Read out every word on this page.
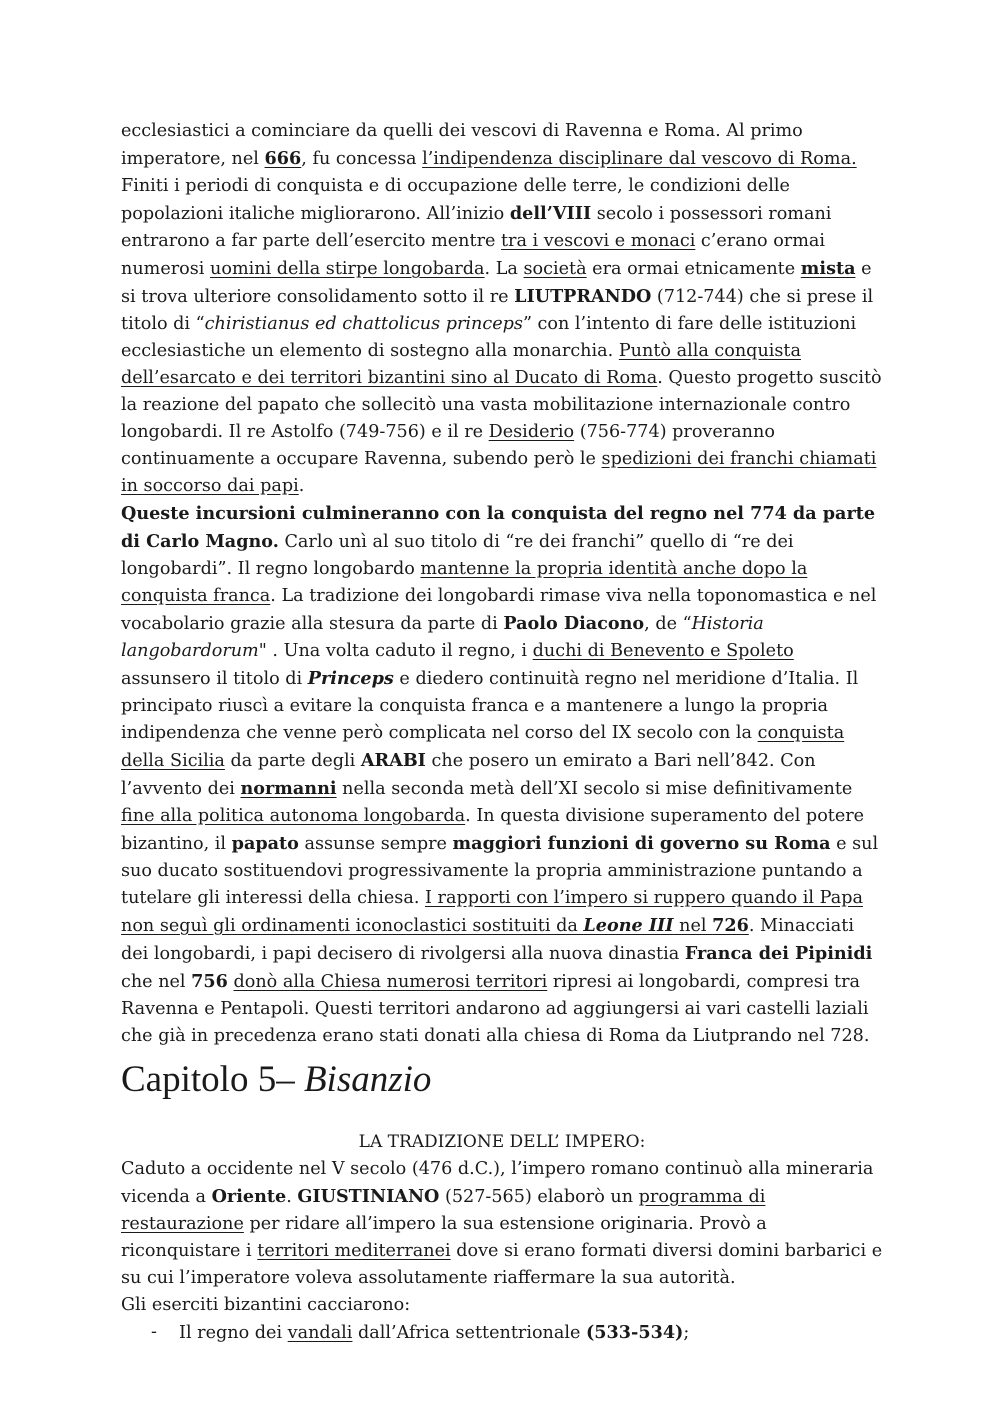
ecclesiastici a cominciare da quelli dei vescovi di Ravenna e Roma. Al primo imperatore, nel 666, fu concessa l’indipendenza disciplinare dal vescovo di Roma. Finiti i periodi di conquista e di occupazione delle terre, le condizioni delle popolazioni italiche migliorarono. All’inizio dell’VIII secolo i possessori romani entrarono a far parte dell’esercito mentre tra i vescovi e monaci c’erano ormai numerosi uomini della stirpe longobarda. La società era ormai etnicamente mista e si trova ulteriore consolidamento sotto il re LIUTPRANDO (712-744) che si prese il titolo di “chiristianus ed chattolicus princeps” con l’intento di fare delle istituzioni ecclesiastiche un elemento di sostegno alla monarchia. Puntò alla conquista dell’esarcato e dei territori bizantini sino al Ducato di Roma. Questo progetto suscitò la reazione del papato che sollecitò una vasta mobilitazione internazionale contro longobardi. Il re Astolfo (749-756) e il re Desiderio (756-774) proveranno continuamente a occupare Ravenna, subendo però le spedizioni dei franchi chiamati in soccorso dai papi.

Queste incursioni culmineranno con la conquista del regno nel 774 da parte di Carlo Magno. Carlo unì al suo titolo di “re dei franchi” quello di “re dei longobardi”. Il regno longobardo mantenne la propria identità anche dopo la conquista franca. La tradizione dei longobardi rimase viva nella toponomastica e nel vocabolario grazie alla stesura da parte di Paolo Diacono, de “Historia langobardorum" . Una volta caduto il regno, i duchi di Benevento e Spoleto assunsero il titolo di Princeps e diedero continuità regno nel meridione d’Italia. Il principato riuscì a evitare la conquista franca e a mantenere a lungo la propria indipendenza che venne però complicata nel corso del IX secolo con la conquista della Sicilia da parte degli ARABI che posero un emirato a Bari nell’842. Con l’avvento dei normanni nella seconda metà dell’XI secolo si mise definitivamente fine alla politica autonoma longobarda. In questa divisione superamento del potere bizantino, il papato assunse sempre maggiori funzioni di governo su Roma e sul suo ducato sostituendovi progressivamente la propria amministrazione puntando a tutelare gli interessi della chiesa. I rapporti con l’impero si ruppero quando il Papa non seguì gli ordinamenti iconoclastici sostituiti da Leone III nel 726. Minacciati dei longobardi, i papi decisero di rivolgersi alla nuova dinastia Franca dei Pipinidi che nel 756 donò alla Chiesa numerosi territori ripresi ai longobardi, compresi tra Ravenna e Pentapoli. Questi territori andarono ad aggiungersi ai vari castelli laziali che già in precedenza erano stati donati alla chiesa di Roma da Liutprando nel 728.

Capitolo 5– Bisanzio

LA TRADIZIONE DELL’ IMPERO:

Caduto a occidente nel V secolo (476 d.C.), l’impero romano continuò alla mineraria vicenda a Oriente. GIUSTINIANO (527-565) elaborò un programma di restaurazione per ridare all’impero la sua estensione originaria. Provò a riconquistare i territori mediterranei dove si erano formati diversi domini barbarici e su cui l’imperatore voleva assolutamente riaffermare la sua autorità.

Gli eserciti bizantini cacciarono:

- Il regno dei vandali dall’Africa settentrionale (533-534);
